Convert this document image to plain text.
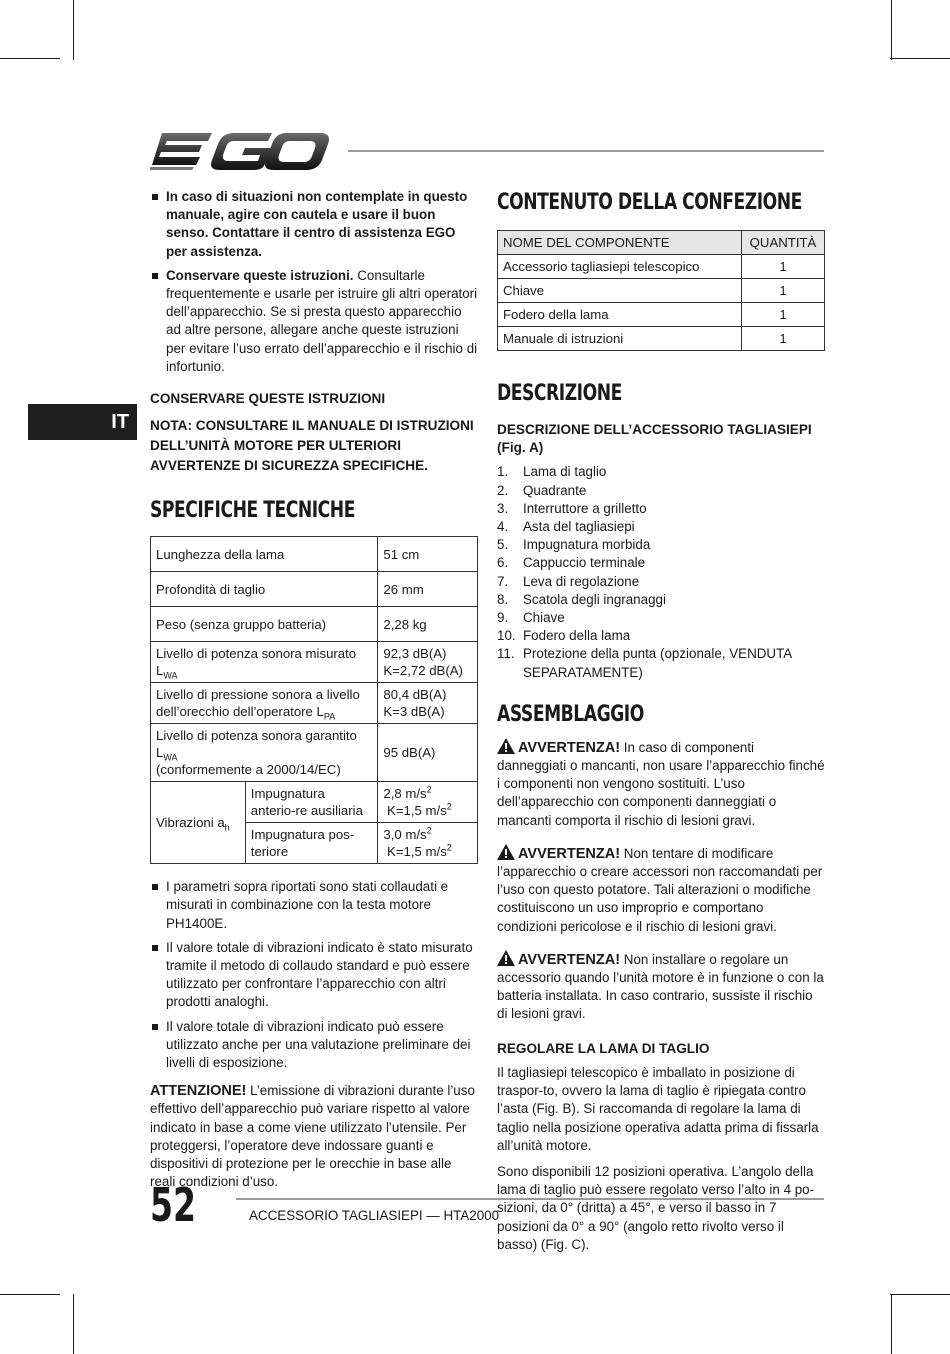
IT
In caso di situazioni non contemplate in questo manuale, agire con cautela e usare il buon senso. Contattare il centro di assistenza EGO per assistenza.
Conservare queste istruzioni. Consultarle frequentemente e usarle per istruire gli altri operatori dell’apparecchio. Se si presta questo apparecchio ad altre persone, allegare anche queste istruzioni per evitare l’uso errato dell’apparecchio e il rischio di infortunio.
CONSERVARE QUESTE ISTRUZIONI
NOTA: CONSULTARE IL MANUALE DI ISTRUZIONI DELL’UNITÀ MOTORE PER ULTERIORI AVVERTENZE DI SICUREZZA SPECIFICHE.
SPECIFICHE TECNICHE
Lunghezza della lama		51 cm
Profondità di taglio		26 mm
Peso (senza gruppo batteria)		2,28 kg
Livello di potenza sonora misurato $L_{WA}$		92,3 dB(A)
K=2,72 dB(A)

Livello di pressione sonora a livello dell’orecchio dell’operatore $L_{PA}$		80,4 dB(A)
K=3 dB(A)

Livello di potenza sonora garantito $L_{WA}$
(conformemente a 2000/14/EC)		95 dB(A)
Vibrazioni $a_h$	Impugnatura anterio-re ausiliaria	2,8 $m/s^2$
K=1,5 $m/s^2$

	Impugnatura pos-teriore	3,0 $m/s^2$
K=1,5 $m/s^2$
I parametri sopra riportati sono stati collaudati e misurati in combinazione con la testa motore PH1400E.
Il valore totale di vibrazioni indicato è stato misurato tramite il metodo di collaudo standard e può essere utilizzato per confrontare l’apparecchio con altri prodotti analoghi.
Il valore totale di vibrazioni indicato può essere utilizzato anche per una valutazione preliminare dei livelli di esposizione.

ATTENZIONE! L’emissione di vibrazioni durante l’uso effettivo dell’apparecchio può variare rispetto al valore indicato in base a come viene utilizzato l’utensile. Per proteggersi, l’operatore deve indossare guanti e dispositivi di protezione per le orecchie in base alle reali condizioni d’uso.

CONTENUTO DELLA CONFEZIONE
NOME DEL COMPONENTE	QUANTITÀ
Accessorio tagliasiepi telescopico	1
Chiave	1
Fodero della lama	1
Manuale di istruzioni	1
DESCRIZIONE
DESCRIZIONE DELL’ACCESSORIO TAGLIASIEPI (Fig. A)
1. Lama di taglio
2. Quadrante
3. Interruttore a grilletto
4. Asta del tagliasiepi
5. Impugnatura morbida
6. Cappuccio terminale
7. Leva di regolazione
8. Scatola degli ingranaggi
9. Chiave
10. Fodero della lama
11. Protezione della punta (opzionale, VENDUTA SEPARATAMENTE)
ASSEMBLAGGIO

AVVERTENZA! In caso di componenti danneggiati o mancanti, non usare l’apparecchio finché i componenti non vengono sostituiti. L’uso dell’apparecchio con componenti danneggiati o mancanti comporta il rischio di lesioni gravi.

AVVERTENZA! Non tentare di modificare l’apparecchio o creare accessori non raccomandati per l’uso con questo potatore. Tali alterazioni o modifiche costituiscono un uso improprio e comportano condizioni pericolose e il rischio di lesioni gravi.

AVVERTENZA! Non installare o regolare un accessorio quando l’unità motore è in funzione o con la batteria installata. In caso contrario, sussiste il rischio di lesioni gravi.

REGOLARE LA LAMA DI TAGLIO

Il tagliasiepi telescopico è imballato in posizione di traspor-to, ovvero la lama di taglio è ripiegata contro l’asta (Fig. B). Si raccomanda di regolare la lama di taglio nella posizione operativa adatta prima di fissarla all’unità motore.

Sono disponibili 12 posizioni operativa. L’angolo della lama di taglio può essere regolato verso l’alto in 4 po-sizioni, da 0° (dritta) a 45°, e verso il basso in 7 posizioni da 0° a 90° (angolo retto rivolto verso il basso) (Fig. C).

52	ACCESSORIO TAGLIASIEPI — HTA2000
